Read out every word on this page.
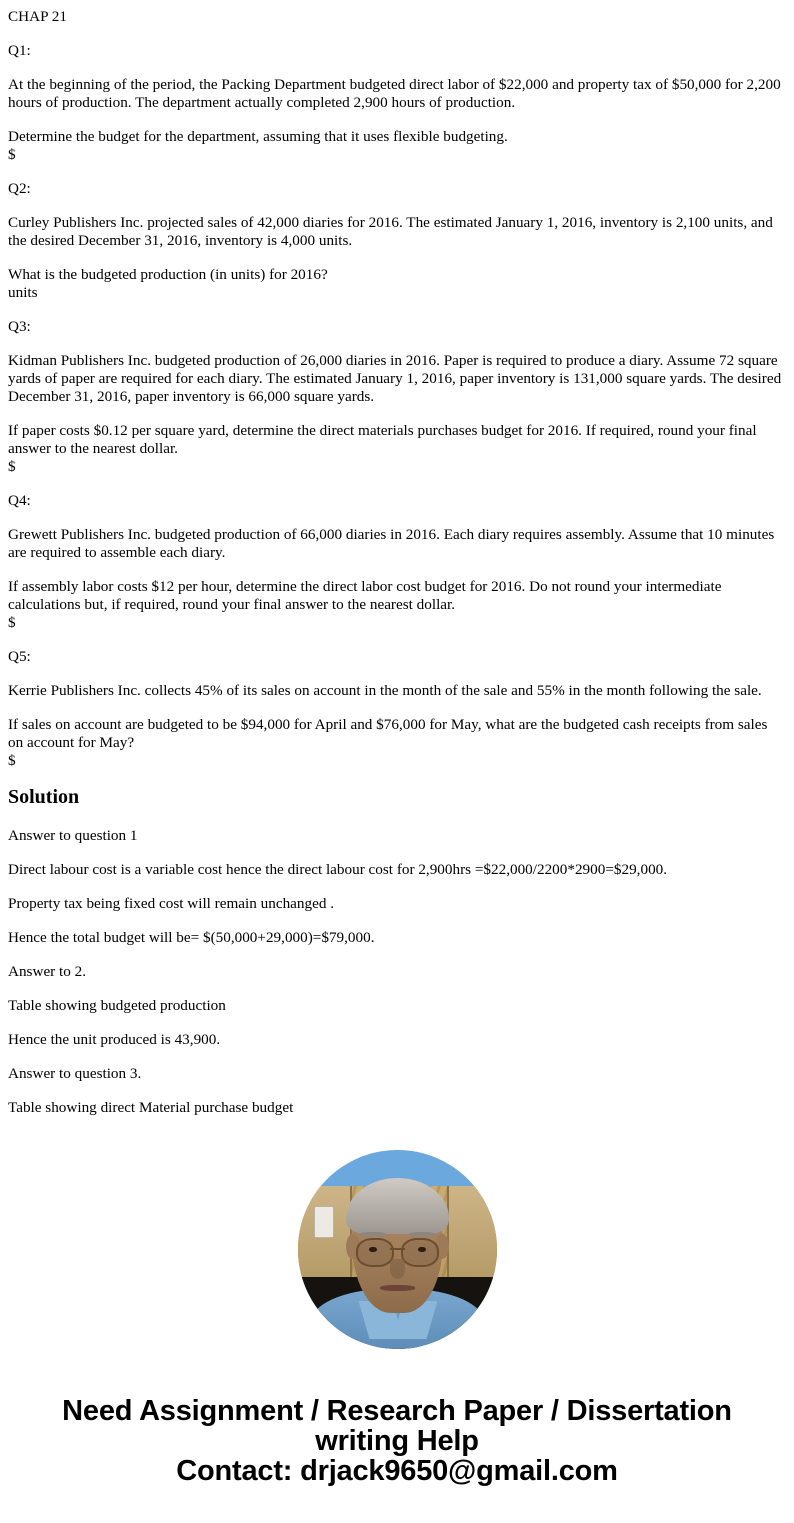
CHAP 21

Q1:

At the beginning of the period, the Packing Department budgeted direct labor of $22,000 and property tax of $50,000 for 2,200 hours of production. The department actually completed 2,900 hours of production.

Determine the budget for the department, assuming that it uses flexible budgeting.

$

Q2:

Curley Publishers Inc. projected sales of 42,000 diaries for 2016. The estimated January 1, 2016, inventory is 2,100 units, and the desired December 31, 2016, inventory is 4,000 units.

What is the budgeted production (in units) for 2016?

units

Q3:

Kidman Publishers Inc. budgeted production of 26,000 diaries in 2016. Paper is required to produce a diary. Assume 72 square yards of paper are required for each diary. The estimated January 1, 2016, paper inventory is 131,000 square yards. The desired December 31, 2016, paper inventory is 66,000 square yards.

If paper costs $0.12 per square yard, determine the direct materials purchases budget for 2016. If required, round your final answer to the nearest dollar.

$

Q4:

Grewett Publishers Inc. budgeted production of 66,000 diaries in 2016. Each diary requires assembly. Assume that 10 minutes are required to assemble each diary.

If assembly labor costs $12 per hour, determine the direct labor cost budget for 2016. Do not round your intermediate calculations but, if required, round your final answer to the nearest dollar.

$

Q5:

Kerrie Publishers Inc. collects 45% of its sales on account in the month of the sale and 55% in the month following the sale.

If sales on account are budgeted to be $94,000 for April and $76,000 for May, what are the budgeted cash receipts from sales on account for May?

$

Solution

Answer to question 1

Direct labour cost is a variable cost hence the direct labour cost for 2,900hrs =$22,000/2200*2900=$29,000.

Property tax being fixed cost will remain unchanged .

Hence the total budget will be= $(50,000+29,000)=$79,000.

Answer to 2.

Table showing budgeted production

Hence the unit produced is 43,900.

Answer to question 3.

Table showing direct Material purchase budget

Need Assignment / Research Paper / Dissertation

writing Help

Contact: drjack9650@gmail.com
